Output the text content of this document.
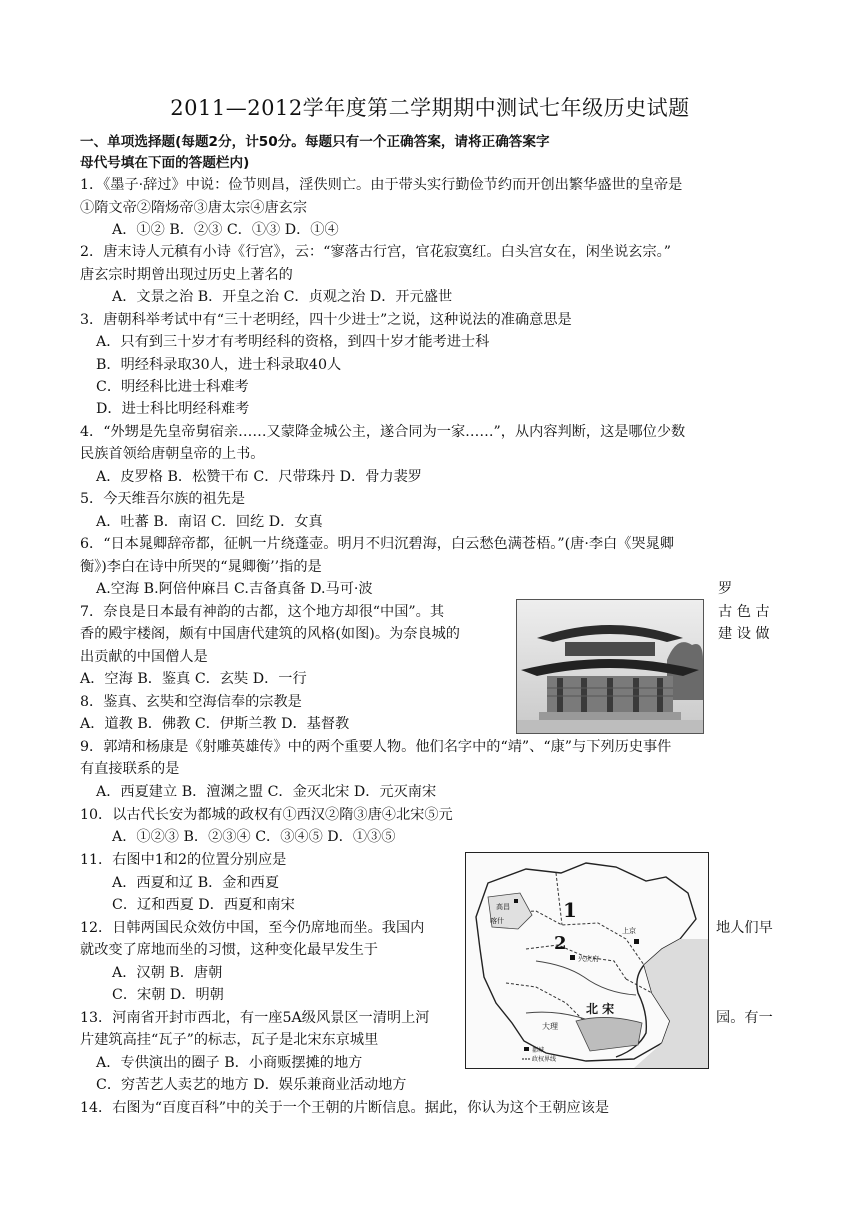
2011—2012学年度第二学期期中测试七年级历史试题
一、单项选择题(每题2分，计50分。每题只有一个正确答案，请将正确答案字
母代号填在下面的答题栏内)
1．《墨子·辞过》中说：俭节则昌，淫佚则亡。由于带头实行勤俭节约而开创出繁华盛世的皇帝是
①隋文帝②隋炀帝③唐太宗④唐玄宗
A．①② B．②③ C．①③ D．①④
2．唐末诗人元稹有小诗《行宫》，云：“寥落古行宫，官花寂寞红。白头宫女在，闲坐说玄宗。”
唐玄宗时期曾出现过历史上著名的
A．文景之治 B．开皇之治 C．贞观之治 D．开元盛世
3．唐朝科举考试中有“三十老明经，四十少进士”之说，这种说法的准确意思是
A．只有到三十岁才有考明经科的资格，到四十岁才能考进士科
B．明经科录取30人，进士科录取40人
C．明经科比进士科难考
D．进士科比明经科难考
4．“外甥是先皇帝舅宿亲……又蒙降金城公主，遂合同为一家……”，从内容判断，这是哪位少数
民族首领给唐朝皇帝的上书。
A．皮罗格 B．松赞干布 C．尺带珠丹 D．骨力裴罗
5．今天维吾尔族的祖先是
A．吐蕃 B．南诏 C．回纥 D．女真
6．“日本晁卿辞帝都，征帆一片绕蓬壶。明月不归沉碧海，白云愁色满苍梧。”(唐·李白《哭晁卿
衡》)李白在诗中所哭的“晁卿衡’’指的是
A.空海 B.阿倍仲麻吕 C.吉备真备 D.马可·波	罗
7．奈良是日本最有神韵的古都，这个地方却很“中国”。其	古 色 古
香的殿宇楼阁，颇有中国唐代建筑的风格(如图)。为奈良城的	建 设 做
出贡献的中国僧人是
A．空海 B．鉴真 C．玄奘 D．一行
8．鉴真、玄奘和空海信奉的宗教是
A．道教 B．佛教 C．伊斯兰教 D．基督教
9．郭靖和杨康是《射雕英雄传》中的两个重要人物。他们名字中的“靖”、“康”与下列历史事件
有直接联系的是
A．西夏建立 B．澶渊之盟 C．金灭北宋 D．元灭南宋
10．以古代长安为都城的政权有①西汉②隋③唐④北宋⑤元
A．①②③ B．②③④ C．③④⑤ D．①③⑤
11．右图中1和2的位置分别应是
A．西夏和辽 B．金和西夏
C．辽和西夏 D．西夏和南宋
12．日韩两国民众效仿中国，至今仍席地而坐。我国内	地人们早
就改变了席地而坐的习惯，这种变化最早发生于
A．汉朝 B．唐朝
C．宋朝 D．明朝
13．河南省开封市西北，有一座5A级风景区一清明上河	园。有一
片建筑高挂“瓦子”的标志，瓦子是北宋东京城里
A．专供演出的圈子 B．小商贩摆摊的地方
C．穷苦艺人卖艺的地方 D．娱乐兼商业活动地方
14．右图为“百度百科”中的关于一个王朝的片断信息。据此，你认为这个王朝应该是
1
2
高昌
喀什
上京
兴庆府
北 宋
大理
都城
政权界线
